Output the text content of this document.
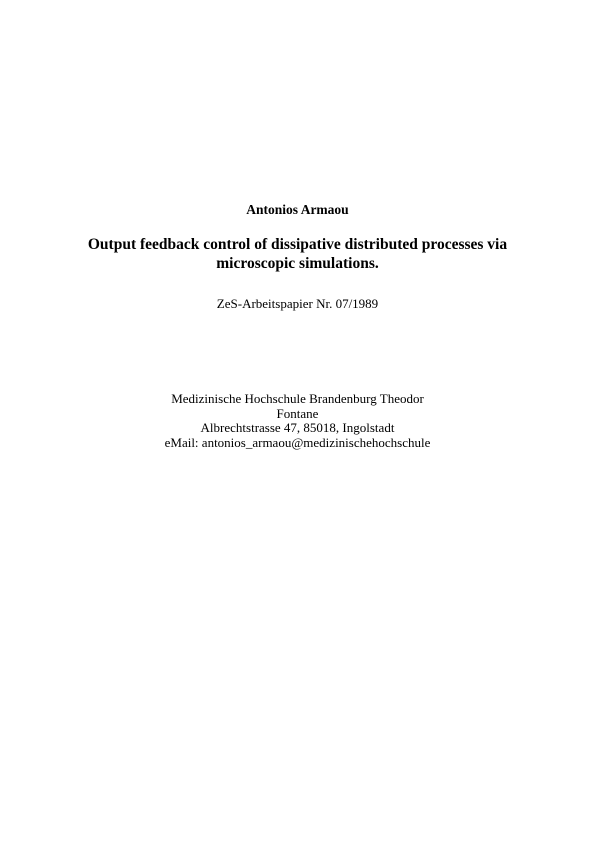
Antonios Armaou
Output feedback control of dissipative distributed processes via
microscopic simulations.
ZeS-Arbeitspapier Nr. 07/1989
Medizinische Hochschule Brandenburg Theodor
Fontane
Albrechtstrasse 47, 85018, Ingolstadt
eMail: antonios_armaou@medizinischehochschule
